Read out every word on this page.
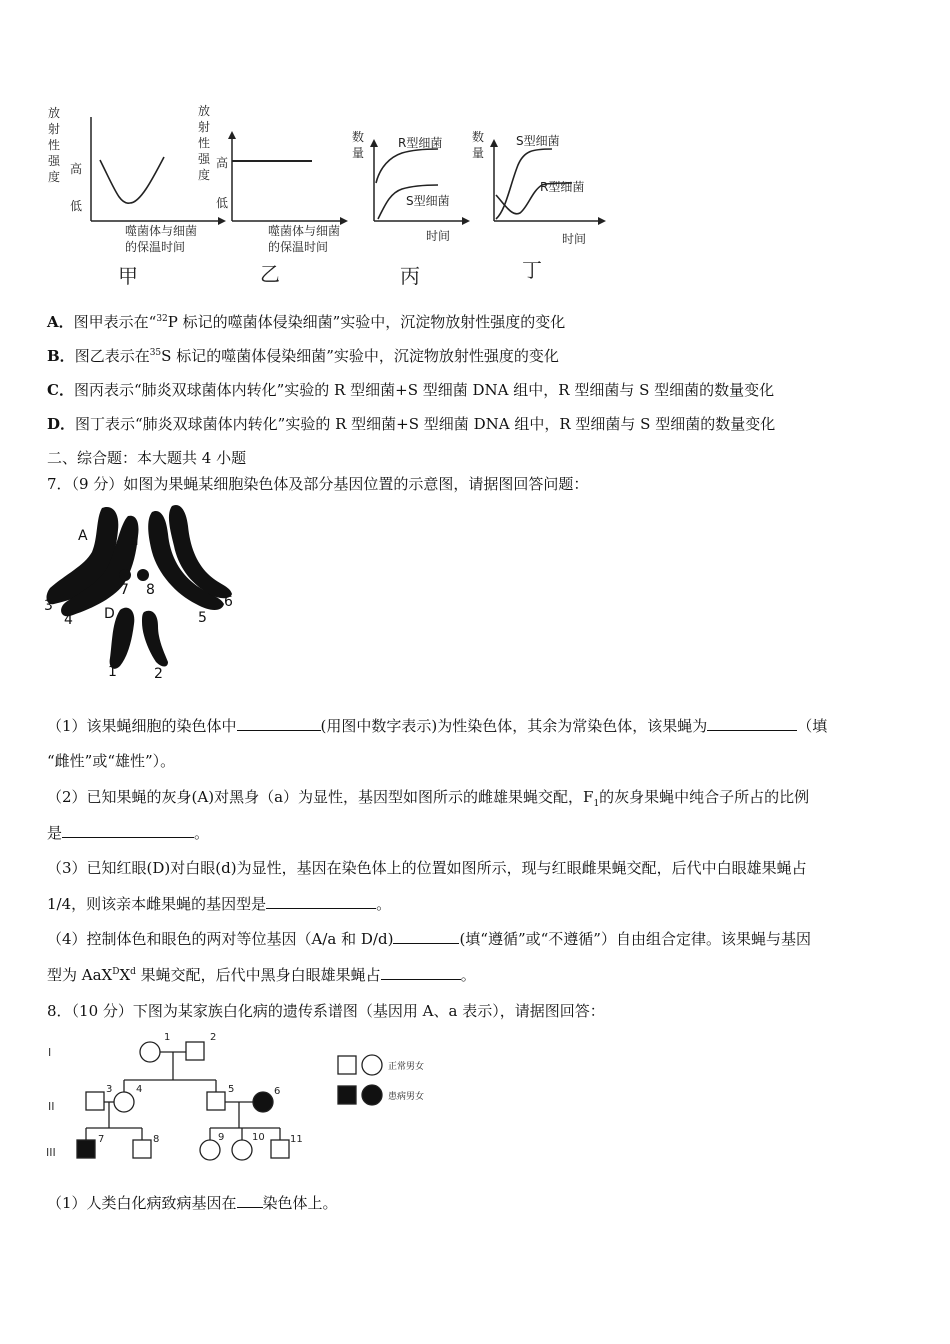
放
射
性
强
度
高
低
噬菌体与细菌
的保温时间
甲
放
射
性
强
度
高
低
噬菌体与细菌
的保温时间
乙
数
量
R型细菌
S型细菌
时间
丙
数
量
S型细菌
R型细菌
时间
丁
A．图甲表示在“$^{32}$P 标记的噬菌体侵染细菌”实验中，沉淀物放射性强度的变化
B．图乙表示在$^{35}$S 标记的噬菌体侵染细菌”实验中，沉淀物放射性强度的变化
C．图丙表示“肺炎双球菌体内转化”实验的 R 型细菌+S 型细菌 DNA 组中，R 型细菌与 S 型细菌的数量变化
D．图丁表示“肺炎双球菌体内转化”实验的 R 型细菌+S 型细菌 DNA 组中，R 型细菌与 S 型细菌的数量变化
二、综合题：本大题共 4 小题
7．（9 分）如图为果蝇某细胞染色体及部分基因位置的示意图，请据图回答问题：
A	a
3
4
7 8
D	5
6
1	2
（1）该果蝇细胞的染色体中	(用图中数字表示)为性染色体，其余为常染色体，该果蝇为	（填
“雌性”或“雄性”）。
（2）已知果蝇的灰身(A)对黑身（a）为显性，基因型如图所示的雌雄果蝇交配，$F_1$的灰身果蝇中纯合子所占的比例
是	。
（3）已知红眼(D)对白眼(d)为显性，基因在染色体上的位置如图所示，现与红眼雌果蝇交配，后代中白眼雄果蝇占
1/4，则该亲本雌果蝇的基因型是	。
（4）控制体色和眼色的两对等位基因（A/a 和 D/d)	(填“遵循”或“不遵循”）自由组合定律。该果蝇与基因
型为 $AaX^DX^d$ 果蝇交配，后代中黑身白眼雄果蝇占	。
8．（10 分）下图为某家族白化病的遗传系谱图（基因用 A、a 表示），请据图回答：
I
II
III
1	2
3 4	5	6
7	8	9	10	11
正常男女
患病男女
（1）人类白化病致病基因在 染色体上。
